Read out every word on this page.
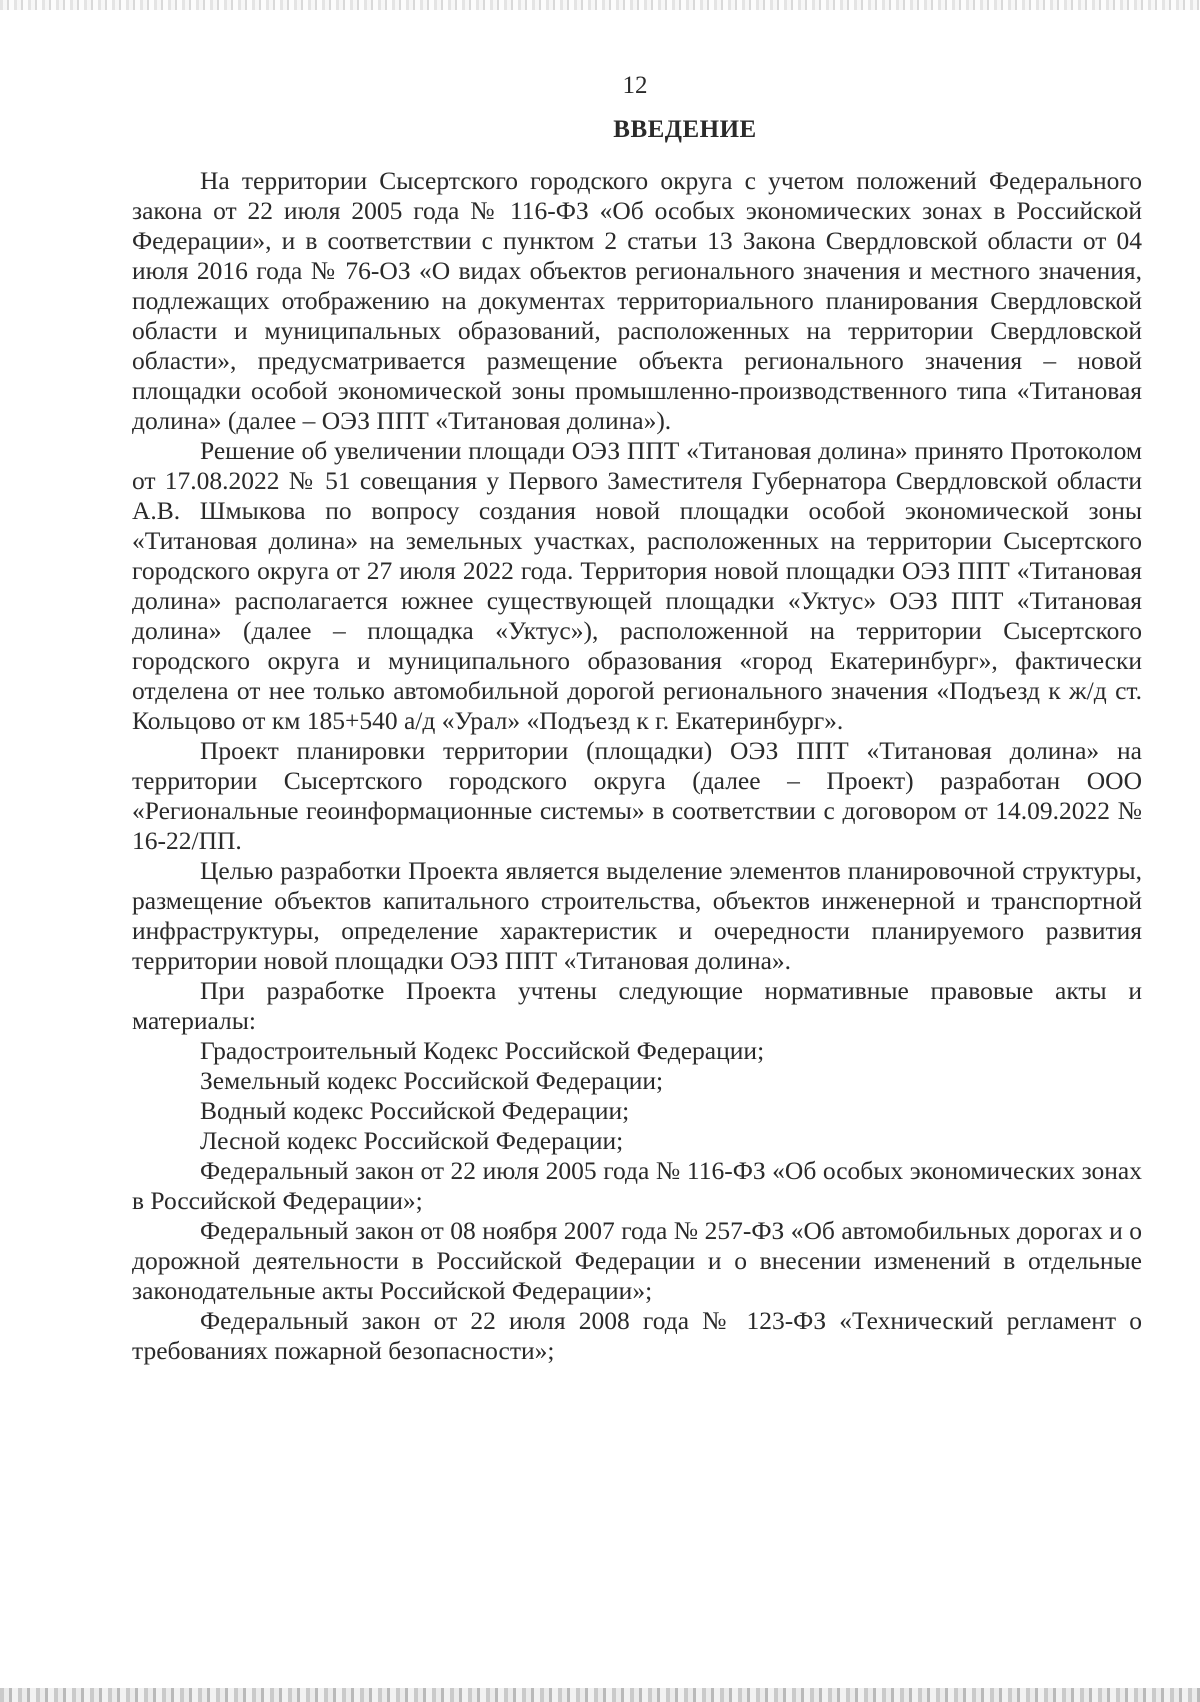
12
ВВЕДЕНИЕ

На территории Сысертского городского округа с учетом положений Федерального закона от 22 июля 2005 года № 116-ФЗ «Об особых экономических зонах в Российской Федерации», и в соответствии с пунктом 2 статьи 13 Закона Свердловской области от 04 июля 2016 года № 76-ОЗ «О видах объектов регионального значения и местного значения, подлежащих отображению на документах территориального планирования Свердловской области и муниципальных образований, расположенных на территории Свердловской области», предусматривается размещение объекта регионального значения – новой площадки особой экономической зоны промышленно-производственного типа «Титановая долина» (далее – ОЭЗ ППТ «Титановая долина»).

Решение об увеличении площади ОЭЗ ППТ «Титановая долина» принято Протоколом от 17.08.2022 № 51 совещания у Первого Заместителя Губернатора Свердловской области А.В. Шмыкова по вопросу создания новой площадки особой экономической зоны «Титановая долина» на земельных участках, расположенных на территории Сысертского городского округа от 27 июля 2022 года. Территория новой площадки ОЭЗ ППТ «Титановая долина» располагается южнее существующей площадки «Уктус» ОЭЗ ППТ «Титановая долина» (далее – площадка «Уктус»), расположенной на территории Сысертского городского округа и муниципального образования «город Екатеринбург», фактически отделена от нее только автомобильной дорогой регионального значения «Подъезд к ж/д ст. Кольцово от км 185+540 а/д «Урал» «Подъезд к г. Екатеринбург».

Проект планировки территории (площадки) ОЭЗ ППТ «Титановая долина» на территории Сысертского городского округа (далее – Проект) разработан ООО «Региональные геоинформационные системы» в соответствии с договором от 14.09.2022 № 16-22/ПП.

Целью разработки Проекта является выделение элементов планировочной структуры, размещение объектов капитального строительства, объектов инженерной и транспортной инфраструктуры, определение характеристик и очередности планируемого развития территории новой площадки ОЭЗ ППТ «Титановая долина».

При разработке Проекта учтены следующие нормативные правовые акты и материалы:

Градостроительный Кодекс Российской Федерации;

Земельный кодекс Российской Федерации;

Водный кодекс Российской Федерации;

Лесной кодекс Российской Федерации;

Федеральный закон от 22 июля 2005 года № 116-ФЗ «Об особых экономических зонах в Российской Федерации»;

Федеральный закон от 08 ноября 2007 года № 257-ФЗ «Об автомобильных дорогах и о дорожной деятельности в Российской Федерации и о внесении изменений в отдельные законодательные акты Российской Федерации»;

Федеральный закон от 22 июля 2008 года № 123-ФЗ «Технический регламент о требованиях пожарной безопасности»;
